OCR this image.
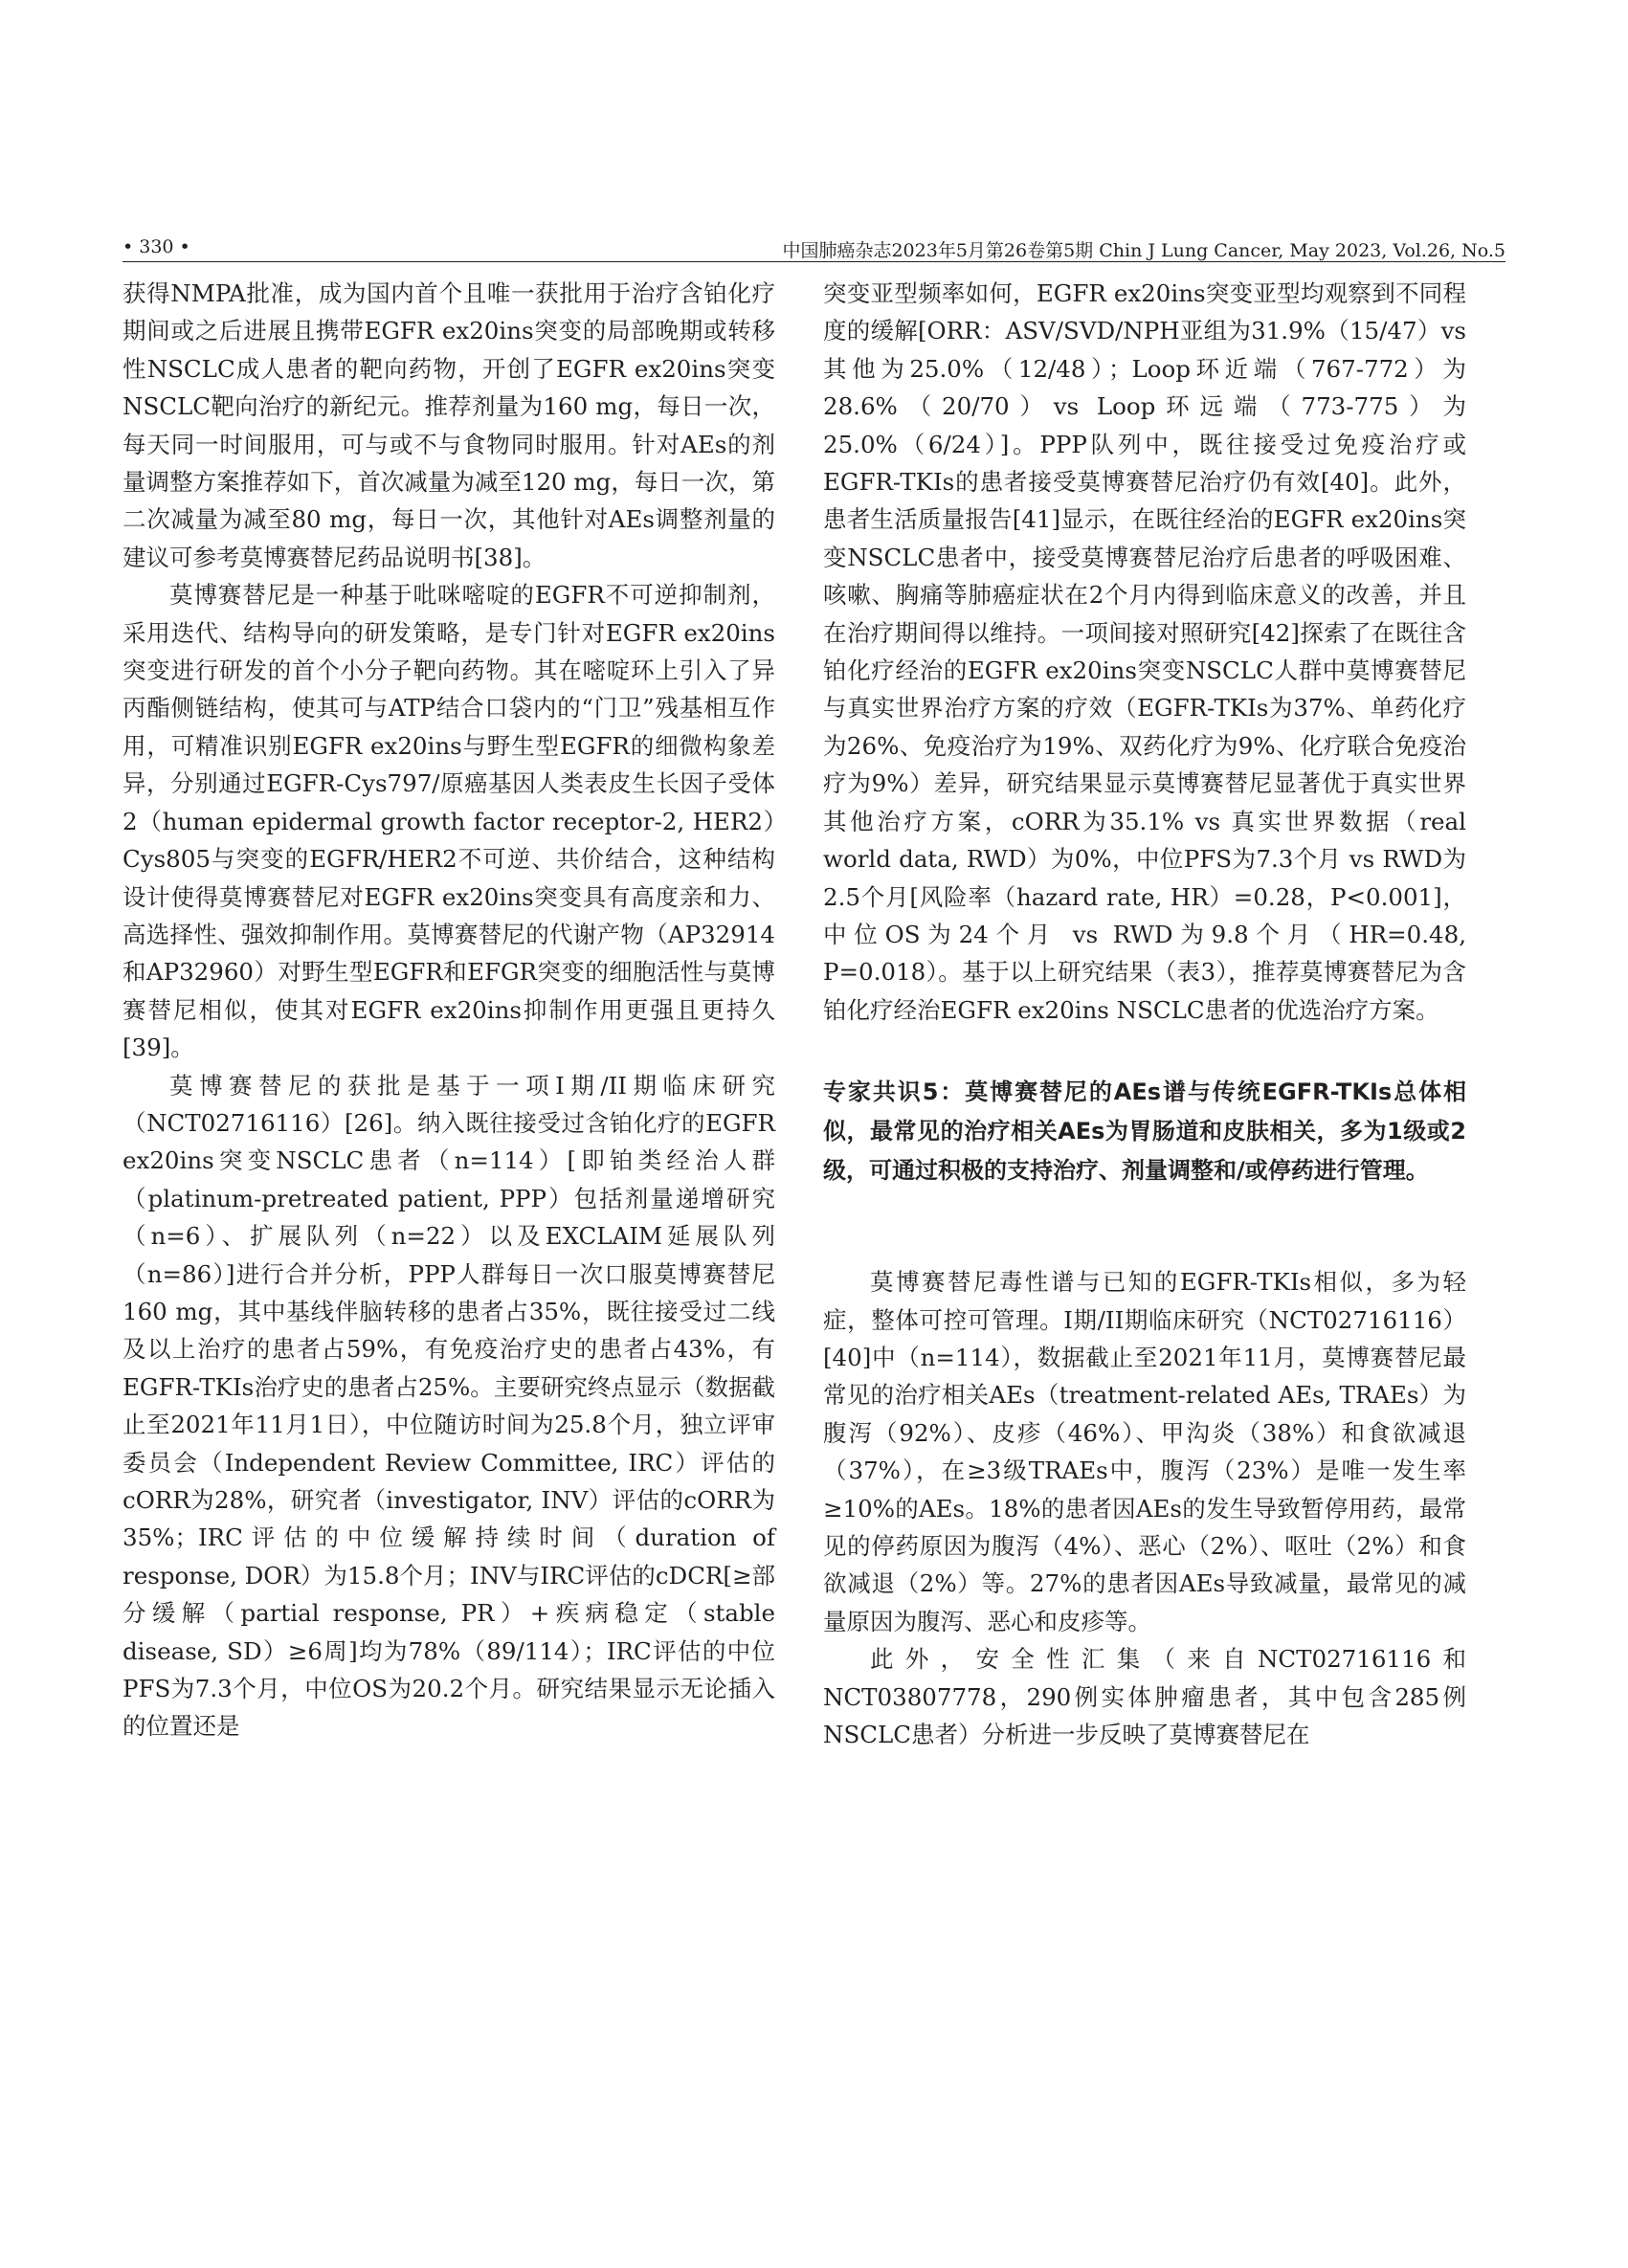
• 330 •	中国肺癌杂志2023年5月第26卷第5期 Chin J Lung Cancer, May 2023, Vol.26, No.5

获得NMPA批准，成为国内首个且唯一获批用于治疗含铂化疗期间或之后进展且携带EGFR ex20ins突变的局部晚期或转移性NSCLC成人患者的靶向药物，开创了EGFR ex20ins突变NSCLC靶向治疗的新纪元。推荐剂量为160 mg，每日一次，每天同一时间服用，可与或不与食物同时服用。针对AEs的剂量调整方案推荐如下，首次减量为减至120 mg，每日一次，第二次减量为减至80 mg，每日一次，其他针对AEs调整剂量的建议可参考莫博赛替尼药品说明书[38]。

莫博赛替尼是一种基于吡咪嘧啶的EGFR不可逆抑制剂，采用迭代、结构导向的研发策略，是专门针对EGFR ex20ins突变进行研发的首个小分子靶向药物。其在嘧啶环上引入了异丙酯侧链结构，使其可与ATP结合口袋内的“门卫”残基相互作用，可精准识别EGFR ex20ins与野生型EGFR的细微构象差异，分别通过EGFR-Cys797/原癌基因人类表皮生长因子受体2（human epidermal growth factor receptor-2, HER2）Cys805与突变的EGFR/HER2不可逆、共价结合，这种结构设计使得莫博赛替尼对EGFR ex20ins突变具有高度亲和力、高选择性、强效抑制作用。莫博赛替尼的代谢产物（AP32914和AP32960）对野生型EGFR和EFGR突变的细胞活性与莫博赛替尼相似，使其对EGFR ex20ins抑制作用更强且更持久[39]。

莫博赛替尼的获批是基于一项I期/II期临床研究（NCT02716116）[26]。纳入既往接受过含铂化疗的EGFR ex20ins突变NSCLC患者（n=114）[即铂类经治人群（platinum-pretreated patient, PPP）包括剂量递增研究（n=6）、扩展队列（n=22）以及EXCLAIM延展队列（n=86）]进行合并分析，PPP人群每日一次口服莫博赛替尼160 mg，其中基线伴脑转移的患者占35%，既往接受过二线及以上治疗的患者占59%，有免疫治疗史的患者占43%，有EGFR-TKIs治疗史的患者占25%。主要研究终点显示（数据截止至2021年11月1日），中位随访时间为25.8个月，独立评审委员会（Independent Review Committee, IRC）评估的cORR为28%，研究者（investigator, INV）评估的cORR为35%；IRC评估的中位缓解持续时间（duration of response, DOR）为15.8个月；INV与IRC评估的cDCR[≥部分缓解（partial response, PR）+疾病稳定（stable disease, SD）≥6周]均为78%（89/114）；IRC评估的中位PFS为7.3个月，中位OS为20.2个月。研究结果显示无论插入的位置还是

突变亚型频率如何，EGFR ex20ins突变亚型均观察到不同程度的缓解[ORR：ASV/SVD/NPH亚组为31.9%（15/47）vs 其他为25.0%（12/48）；Loop环近端（767-772）为28.6%（20/70）vs Loop环远端（773-775）为25.0%（6/24）]。PPP队列中，既往接受过免疫治疗或EGFR-TKIs的患者接受莫博赛替尼治疗仍有效[40]。此外，患者生活质量报告[41]显示，在既往经治的EGFR ex20ins突变NSCLC患者中，接受莫博赛替尼治疗后患者的呼吸困难、咳嗽、胸痛等肺癌症状在2个月内得到临床意义的改善，并且在治疗期间得以维持。一项间接对照研究[42]探索了在既往含铂化疗经治的EGFR ex20ins突变NSCLC人群中莫博赛替尼与真实世界治疗方案的疗效（EGFR-TKIs为37%、单药化疗为26%、免疫治疗为19%、双药化疗为9%、化疗联合免疫治疗为9%）差异，研究结果显示莫博赛替尼显著优于真实世界其他治疗方案，cORR为35.1% vs 真实世界数据（real world data, RWD）为0%，中位PFS为7.3个月 vs RWD为2.5个月[风险率（hazard rate, HR）=0.28，P<0.001]，中位OS为24个月 vs RWD为9.8个月（HR=0.48, P=0.018）。基于以上研究结果（表3），推荐莫博赛替尼为含铂化疗经治EGFR ex20ins NSCLC患者的优选治疗方案。

专家共识5：莫博赛替尼的AEs谱与传统EGFR-TKIs总体相似，最常见的治疗相关AEs为胃肠道和皮肤相关，多为1级或2级，可通过积极的支持治疗、剂量调整和/或停药进行管理。

莫博赛替尼毒性谱与已知的EGFR-TKIs相似，多为轻症，整体可控可管理。I期/II期临床研究（NCT02716116）[40]中（n=114），数据截止至2021年11月，莫博赛替尼最常见的治疗相关AEs（treatment-related AEs, TRAEs）为腹泻（92%）、皮疹（46%）、甲沟炎（38%）和食欲减退（37%），在≥3级TRAEs中，腹泻（23%）是唯一发生率≥10%的AEs。18%的患者因AEs的发生导致暂停用药，最常见的停药原因为腹泻（4%）、恶心（2%）、呕吐（2%）和食欲减退（2%）等。27%的患者因AEs导致减量，最常见的减量原因为腹泻、恶心和皮疹等。

此外，安全性汇集（来自NCT02716116和NCT03807778，290例实体肿瘤患者，其中包含285例NSCLC患者）分析进一步反映了莫博赛替尼在
